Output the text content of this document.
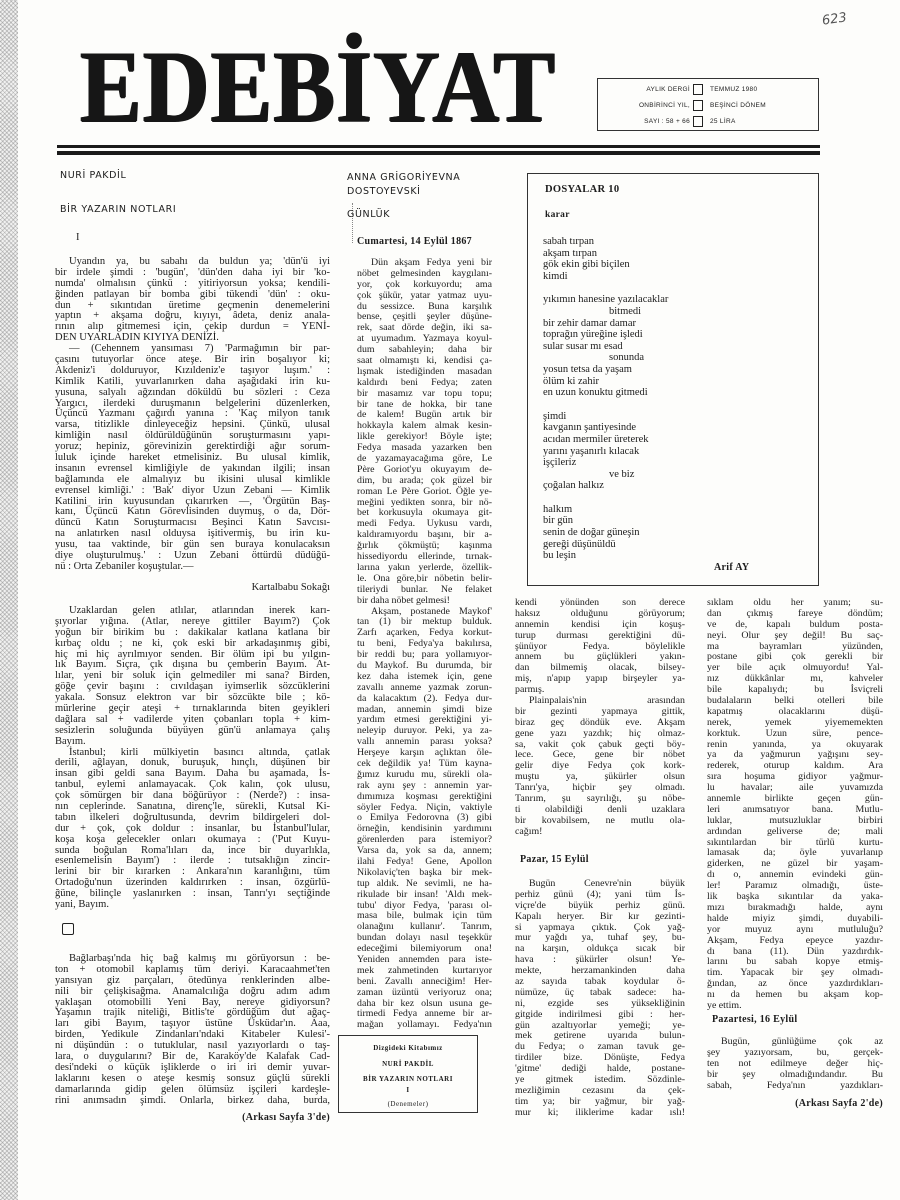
623
EDEBİYAT	AYLIK DERGİ	TEMMUZ 1980
ONBİRİNCİ YIL,	BEŞİNCİ DÖNEM
SAYI : 58 + 66	25 LİRA
NURİ PAKDİL
BİR YAZARIN NOTLARI
I
Uyandın ya, bu sabahı da buldun ya; 'dün'ü iyi
bir irdele şimdi : 'bugün', 'dün'den daha iyi bir 'ko-
numda' olmalısın çünkü : yitiriyorsun yoksa; kendili-
ğinden patlayan bir bomba gibi tükendi 'dün' : oku-
dun + sıkıntıdan üretime geçmenin denemelerini
yaptın + akşama doğru, kıyıyı, âdeta, deniz anala-
rının alıp gitmemesi için, çekip durdun = YENİ-
DEN UYARLADIN KIYIYA DENİZİ.
— (Cehennem yansıması 7) 'Parmağımın bir par-
çasını tutuyorlar önce ateşe. Bir irin boşalıyor ki;
Akdeniz'i dolduruyor, Kızıldeniz'e taşıyor luşım.' :
Kimlik Katili, yuvarlanırken daha aşağıdaki irin ku-
yusuna, salyalı ağzından döküldü bu sözleri : Ceza
Yargıcı, ilerdeki duruşmanın belgelerini düzenlerken,
Üçüncü Yazmanı çağırdı yanına : 'Kaç milyon tanık
varsa, titizlikle dinleyeceğiz hepsini. Çünkü, ulusal
kimliğin nasıl öldürüldüğünün soruşturmasını yapı-
yoruz; hepiniz, görevinizin gerektirdiği ağır sorum-
luluk içinde hareket etmelisiniz. Bu ulusal kimlik,
insanın evrensel kimliğiyle de yakından ilgili; insan
bağlamında ele almalıyız bu ikisini ulusal kimlikle
evrensel kimliği.' : 'Bak' diyor Uzun Zebani — Kimlik
Katilini irin kuyusundan çıkarırken —, 'Örgütün Baş-
kanı, Üçüncü Katın Görevlisinden duymuş, o da, Dör-
düncü Katın Soruşturmacısı Beşinci Katın Savcısı-
na anlatırken nasıl olduysa işitivermiş, bu irin ku-
yusu, taa vaktinde, bir gün sen buraya konulacaksın
diye oluşturulmuş.' : Uzun Zebani öttürdü düdüğü-
nü : Orta Zebaniler koşuştular.—
Kartalbabu Sokağı
Uzaklardan gelen atlılar, atlarından inerek karı-
şıyorlar yığına. (Atlar, nereye gittiler Bayım?) Çok
yoğun bir birikim bu : dakikalar katlana katlana bir
kırbaç oldu ; ne ki, çok eski bir arkadaşınmış gibi,
hiç mi hiç ayrılmıyor senden. Bir ölüm ipi bu yılgın-
lık Bayım. Sıçra, çık dışına bu çemberin Bayım. At-
lılar, yeni bir soluk için gelmediler mi sana? Birden,
göğe çevir başını : cıvıldaşan iyimserlik sözcüklerini
yakala. Sonsuz elektron var bir sözcükte bile ; kö-
mürlerine geçir ateşi + tırnaklarında biten geyikleri
dağlara sal + vadilerde yiten çobanları topla + kim-
sesizlerin soluğunda büyüyen gün'ü anlamaya çalış
Bayım.
İstanbul; kirli mülkiyetin basıncı altında, çatlak
derili, ağlayan, donuk, buruşuk, hınçlı, düşünen bir
insan gibi geldi sana Bayım. Daha bu aşamada, İs-
tanbul, eylemi anlamayacak. Çok kalın, çok ulusu,
çok sömürgen bir dana böğürüyor : (Nerde?) : insa-
nın ceplerinde. Sanatına, direnç'le, sürekli, Kutsal Ki-
tabın ilkeleri doğrultusunda, devrim bildirgeleri dol-
dur + çok, çok doldur : insanlar, bu İstanbul'lular,
koşa koşa gelecekler onları okumaya : ('Put Kuyu-
sunda boğulan Roma'lıları da, ince bir duyarlıkla,
esenlemelisin Bayım') : ilerde : tutsaklığın zincir-
lerini bir bir kırarken : Ankara'nın karanlığını, tüm
Ortadoğu'nun üzerinden kaldırırken : insan, özgürlü-
ğüne, bilinçle yaslanırken : insan, Tanrı'yı seçtiğinde
yani, Bayım.
Bağlarbaşı'nda hiç bağ kalmış mı görüyorsun : be-
ton + otomobil kaplamış tüm deriyi. Karacaahmet'ten
yansıyan giz parçaları, ötedünya renklerinden albe-
nili bir çelişkisağma. Anamalcılığa doğru adım adım
yaklaşan otomobilli Yeni Bay, nereye gidiyorsun?
Yaşamın trajik niteliği, Bitlis'te gördüğüm dut ağaç-
ları gibi Bayım, taşıyor üstüne Üsküdar'ın. Aaa,
birden, Yedikule Zindanları'ndaki Kitabeler Kulesi'-
ni düşündün : o tutuklular, nasıl yazıyorlardı o taş-
lara, o duygularını? Bir de, Karaköy'de Kalafak Cad-
desi'ndeki o küçük işliklerde o iri iri demir yuvar-
laklarını kesen o ateşe kesmiş sonsuz güçlü sürekli
damarlarında gidip gelen ölümsüz işçileri kardeşle-
rini anımsadın şimdi. Onlarla, birkez daha, burda,
(Arkası Sayfa 3'de)
ANNA GRİGORİYEVNA
DOSTOYEVSKİ
GÜNLÜK
Cumartesi, 14 Eylül 1867
Dün akşam Fedya yeni bir
nöbet gelmesinden kaygılanı-
yor, çok korkuyordu; ama
çok şükür, yatar yatmaz uyu-
du sessizce. Buna karşılık
bense, çeşitli şeyler düşüne-
rek, saat dörde değin, iki sa-
at uyumadım. Yazmaya koyul-
dum sabahleyin; daha bir
saat olmamıştı ki, kendisi ça-
lışmak istediğinden masadan
kaldırdı beni Fedya; zaten
bir masamız var topu topu;
bir tane de hokka, bir tane
de kalem! Bugün artık bir
hokkayla kalem almak kesin-
likle gerekiyor! Böyle işte;
Fedya masada yazarken ben
de yazamayacağıma göre, Le
Père Goriot'yu okuyayım de-
dim, bu arada; çok güzel bir
roman Le Père Goriot. Öğle ye-
meğini yedikten sonra, bir nö-
bet korkusuyla okumaya git-
medi Fedya. Uykusu vardı,
kaldıramıyordu başını, bir a-
ğırlık çökmüştü; kaşınma
hissediyordu ellerinde, tırnak-
larına yakın yerlerde, özellik-
le. Ona göre,bir nöbetin belir-
tileriydi bunlar. Ne felaket
bir daha nöbet gelmesi!
Akşam, postanede Maykof'
tan (1) bir mektup bulduk.
Zarfı açarken, Fedya korkut-
tu beni, Fedya'ya bakılırsa,
bir reddi bu; para yollamıyor-
du Maykof. Bu durumda, bir
kez daha istemek için, gene
zavallı anneme yazmak zorun-
da kalacaktım (2). Fedya dur-
madan, annemin şimdi bize
yardım etmesi gerektiğini yi-
neleyip duruyor. Peki, ya za-
vallı annemin parası yoksa?
Herşeye karşın açlıktan öle-
cek değildik ya! Tüm kayna-
ğımız kurudu mu, sürekli ola-
rak aynı şey : annemin yar-
dımımıza koşması gerektiğini
söyler Fedya. Niçin, vaktiyle
o Emilya Fedorovna (3) gibi
örneğin, kendisinin yardımını
görenlerden para istemiyor?
Varsa da, yok sa da, annem;
ilahi Fedya! Gene, Apollon
Nikolaviç'ten başka bir mek-
tup aldık. Ne sevimli, ne ha-
rikulade bir insan! 'Aldı mek-
tubu' diyor Fedya, 'parası ol-
masa bile, bulmak için tüm
olanağını kullanır'. Tanrım,
bundan dolayı nasıl teşekkür
edeceğimi bilemiyorum ona!
Yeniden annemden para iste-
mek zahmetinden kurtarıyor
beni. Zavallı anneciğim! Her-
zaman üzüntü veriyoruz ona;
daha bir kez olsun usuna ge-
tirmedi Fedya anneme bir ar-
mağan yollamayı. Fedya'nın
Dizgideki Kitabımız
NURİ PAKDİL
BİR YAZARIN NOTLARI
I
(Denemeler)
DOSYALAR 10
karar
sabah tırpan
akşam tırpan
gök ekin gibi biçilen
kimdi
yıkımın hanesine yazılacaklar
bitmedi
bir zehir damar damar
toprağın yüreğine işledi
sular susar mı esad
sonunda
yosun tetsa da yaşam
ölüm ki zahir
en uzun konuktu gitmedi
şimdi
kavganın şantiyesinde
acıdan mermiler üreterek
yarını yaşanırlı kılacak
işçileriz
ve biz
çoğalan halkız
halkım
bir gün
senin de doğar güneşin
gereği düşünüldü
bu leşin
Arif AY
kendi yönünden son derece
haksız olduğunu görüyorum;
annemin kendisi için koşuş-
turup durması gerektiğini dü-
şünüyor Fedya. böylelikle
annem bu güçlükleri yakın-
dan bilmemiş olacak, bilsey-
miş, n'apıp yapıp birşeyler ya-
parmış.
Plainpalais'nin arasından
bir gezinti yapmaya gittik,
biraz geç döndük eve. Akşam
gene yazı yazdık; hiç olmaz-
sa, vakit çok çabuk geçti böy-
lece. Gece, gene bir nöbet
gelir diye Fedya çok kork-
muştu ya, şükürler olsun
Tanrı'ya, hiçbir şey olmadı.
Tanrım, şu sayrılığı, şu nöbe-
ti olabildiği denli uzaklara
bir kovabilsem, ne mutlu ola-
cağım!
Pazar, 15 Eylül
Bugün Cenevre'nin büyük
perhiz günü (4); yani tüm İs-
viçre'de büyük perhiz günü.
Kapalı heryer. Bir kır gezinti-
si yapmaya çıktık. Çok yağ-
mur yağdı ya, tuhaf şey, bu-
na karşın, oldukça sıcak bir
hava : şükürler olsun! Ye-
mekte, herzamankinden daha
az sayıda tabak koydular ö-
nümüze, üç tabak sadece: ha-
ni, ezgide ses yüksekliğinin
gitgide indirilmesi gibi : her-
gün azaltıyorlar yemeği; ye-
mek getirene uyarıda bulun-
du Fedya; o zaman tavuk ge-
tirdiler bize. Dönüşte, Fedya
'gitme' dediği halde, postane-
ye gitmek istedim. Sözdinle-
mezliğimin cezasını da çek-
tim ya; bir yağmur, bir yağ-
mur ki; iliklerime kadar ıslı!
sıklam oldu her yanım; su-
dan çıkmış fareye döndüm;
ve de, kapalı buldum posta-
neyi. Olur şey değil! Bu saç-
ma bayramları yüzünden,
postane gibi çok gerekli bir
yer bile açık olmuyordu! Yal-
nız dükkânlar mı, kahveler
bile kapalıydı; bu İsviçreli
budalaların belki otelleri bile
kapatmış olacaklarını düşü-
nerek, yemek yiyememekten
korktuk. Uzun süre, pence-
renin yanında, ya okuyarak
ya da yağmurun yağışını sey-
rederek, oturup kaldım. Ara
sıra hoşuma gidiyor yağmur-
lu havalar; aile yuvamızda
annemle birlikte geçen gün-
leri anımsatıyor bana. Mutlu-
luklar, mutsuzluklar birbiri
ardından geliverse de; mali
sıkıntılardan bir türlü kurtu-
lamasak da; öyle yuvarlanıp
giderken, ne güzel bir yaşam-
dı o, annemin evindeki gün-
ler! Paramız olmadığı, üste-
lik başka sıkıntılar da yaka-
mızı bırakmadığı halde, aynı
halde miyiz şimdi, duyabili-
yor muyuz aynı mutluluğu?
Akşam, Fedya epeyce yazdır-
dı bana (11). Dün yazdırdık-
larını bu sabah kopye etmiş-
tim. Yapacak bir şey olmadı-
ğından, az önce yazdırdıkları-
nı da hemen bu akşam kop-
ye ettim.
Pazartesi, 16 Eylül
Bugün, günlüğüme çok az
şey yazıyorsam, bu, gerçek-
ten not edilmeye değer hiç-
bir şey olmadığındandır. Bu
sabah, Fedya'nın yazdıkları-
(Arkası Sayfa 2'de)
